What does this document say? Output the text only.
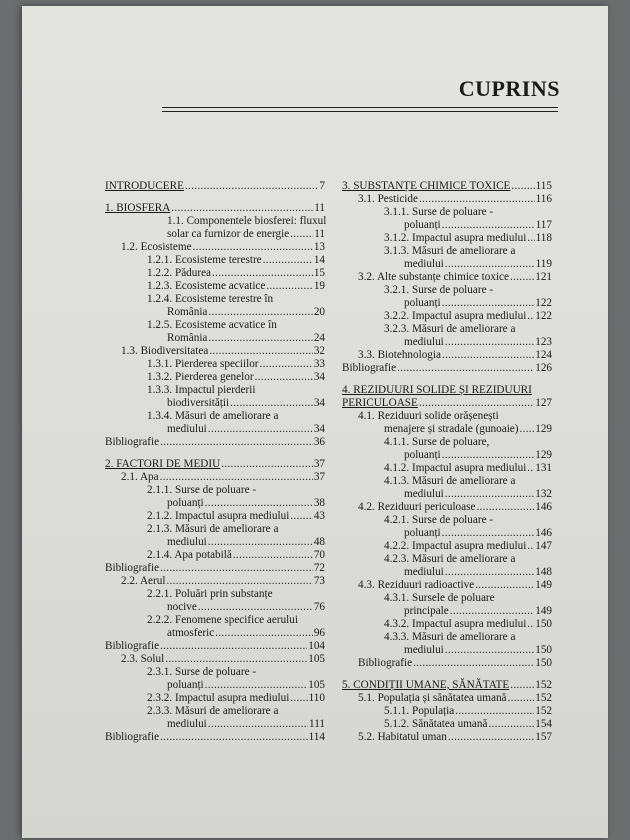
CUPRINS
INTRODUCERE .....	7
1. BIOSFERA .....	11
1.1. Componentele biosferei: fluxul
solar ca furnizor de energie ..... 11
1.2. Ecosisteme .....	13
1.2.1. Ecosisteme terestre .....	14
1.2.2. Pădurea .....	15
1.2.3. Ecosisteme acvatice .....	19
1.2.4. Ecosisteme terestre în
România .....	20
1.2.5. Ecosisteme acvatice în
România .....	24
1.3. Biodiversitatea .....	32
1.3.1. Pierderea speciilor .....	33
1.3.2. Pierderea genelor .....	34
1.3.3. Impactul pierderii
biodiversității .....	34
1.3.4. Măsuri de ameliorare a
mediului .....	34
Bibliografie .....	36
2. FACTORI DE MEDIU .....	37
2.1. Apa .....	37
2.1.1. Surse de poluare -
poluanți .....	38
2.1.2. Impactul asupra mediului ..... 43
2.1.3. Măsuri de ameliorare a
mediului .....	48
2.1.4. Apa potabilă .....	70
Bibliografie .....	72
2.2. Aerul .....	73
2.2.1. Poluări prin substanțe
nocive .....	76
2.2.2. Fenomene specifice aerului
atmosferic .....	96
Bibliografie .....	104
2.3. Solul .....	105
2.3.1. Surse de poluare -
poluanți .....	105
2.3.2. Impactul asupra mediului ..... 110
2.3.3. Măsuri de ameliorare a
mediului .....	111
Bibliografie .....	114
3. SUBSTANȚE CHIMICE TOXICE ..... 115
3.1. Pesticide .....	116
3.1.1. Surse de poluare -
poluanți .....	117
3.1.2. Impactul asupra mediului ..... 118
3.1.3. Măsuri de ameliorare a
mediului .....	119
3.2. Alte substanțe chimice toxice ..... 121
3.2.1. Surse de poluare -
poluanți .....	122
3.2.2. Impactul asupra mediului ..... 122
3.2.3. Măsuri de ameliorare a
mediului .....	123
3.3. Biotehnologia .....	124
Bibliografie .....	126
4. REZIDUURI SOLIDE ȘI REZIDUURI
PERICULOASE .....	127
4.1. Reziduuri solide orășenești
menajere și stradale (gunoaie) ..... 129
4.1.1. Surse de poluare,
poluanți .....	129
4.1.2. Impactul asupra mediului ..... 131
4.1.3. Măsuri de ameliorare a
mediului .....	132
4.2. Reziduuri periculoase .....	146
4.2.1. Surse de poluare -
poluanți .....	146
4.2.2. Impactul asupra mediului ..... 147
4.2.3. Măsuri de ameliorare a
mediului .....	148
4.3. Reziduuri radioactive .....	149
4.3.1. Sursele de poluare
principale .....	149
4.3.2. Impactul asupra mediului ..... 150
4.3.3. Măsuri de ameliorare a
mediului .....	150
Bibliografie .....	150
5. CONDIȚII UMANE, SĂNĂTATE ..... 152
5.1. Populația și sănătatea umană .....	152
5.1.1. Populația .....	152
5.1.2. Sănătatea umană .....	154
5.2. Habitatul uman .....	157
